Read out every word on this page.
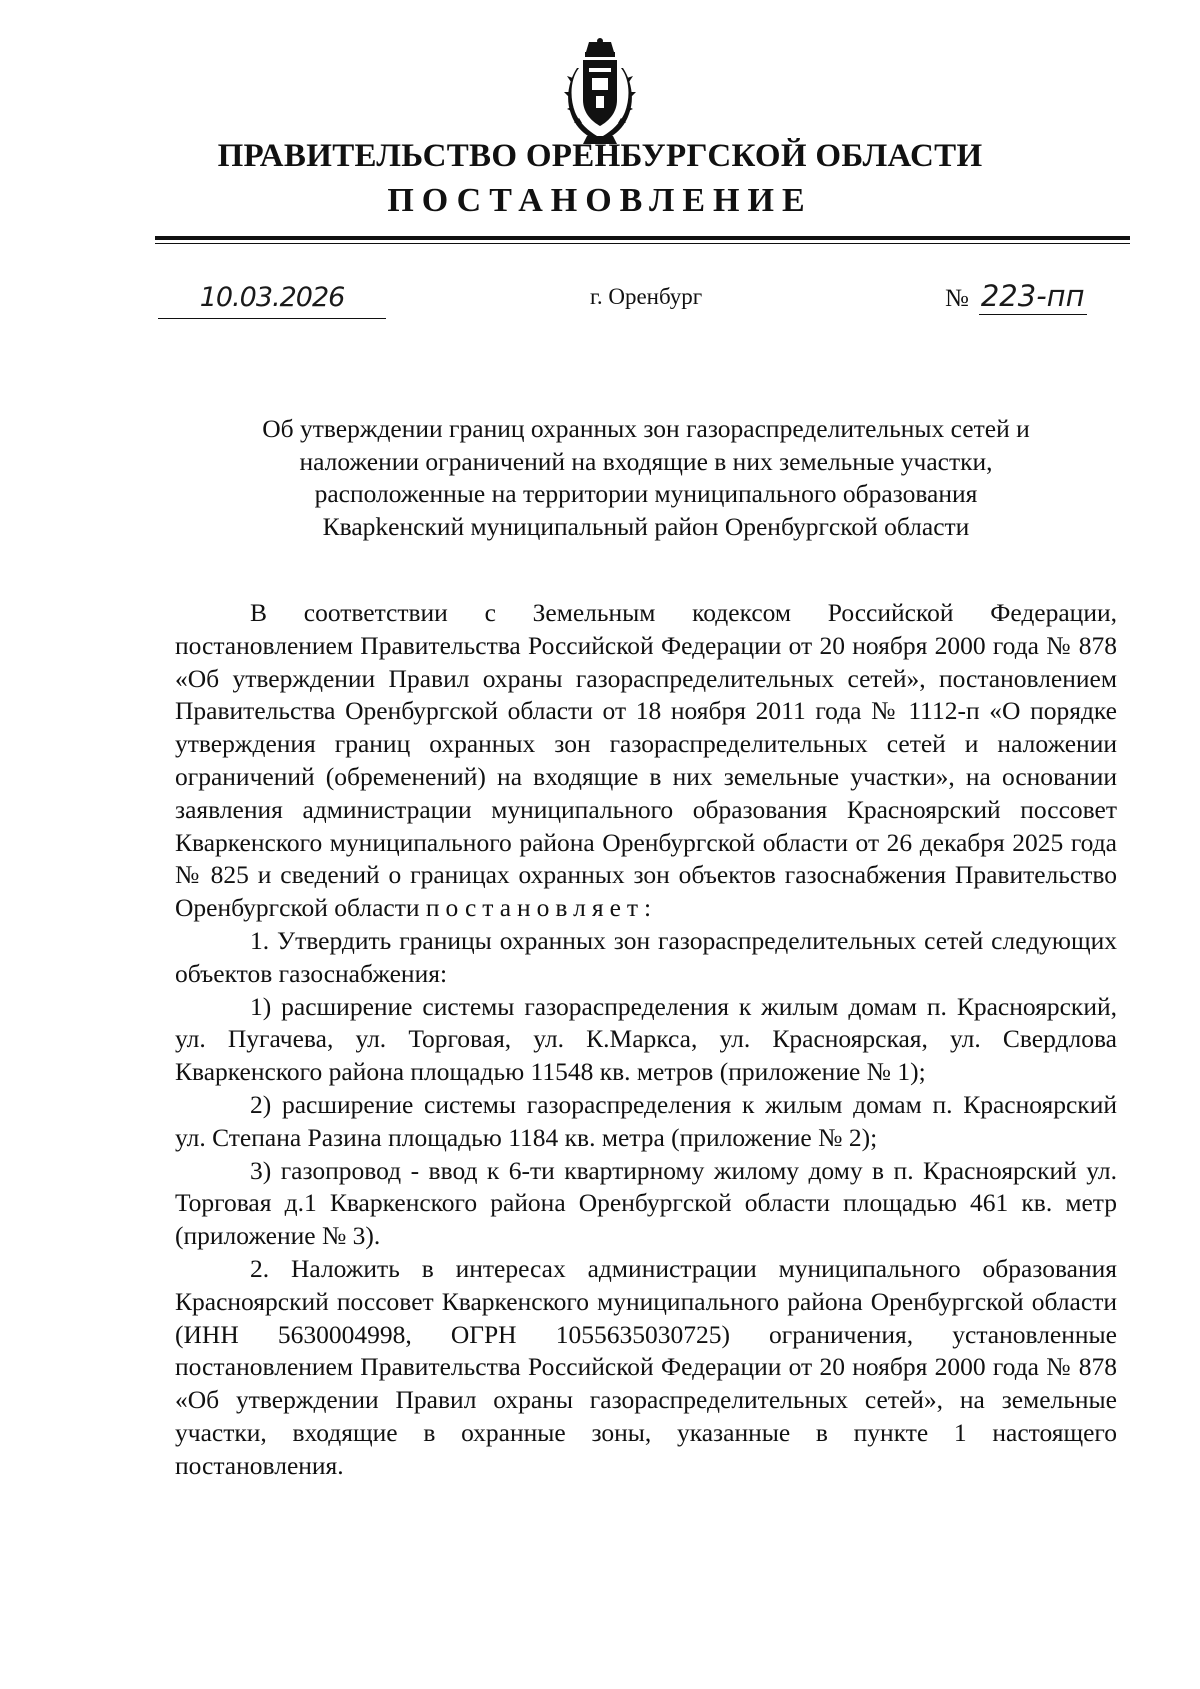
ПРАВИТЕЛЬСТВО ОРЕНБУРГСКОЙ ОБЛАСТИ
ПОСТАНОВЛЕНИЕ
10.03.2026	г. Оренбург	№ 223-пп
Об утверждении границ охранных зон газораспределительных сетей и
наложении ограничений на входящие в них земельные участки,
расположенные на территории муниципального образования
Кварkенский муниципальный район Оренбургской области

В соответствии с Земельным кодексом Российской Федерации, постановлением Правительства Российской Федерации от 20 ноября 2000 года № 878 «Об утверждении Правил охраны газораспределительных сетей», постановлением Правительства Оренбургской области от 18 ноября 2011 года № 1112-п «О порядке утверждения границ охранных зон газораспределительных сетей и наложении ограничений (обременений) на входящие в них земельные участки», на основании заявления администрации муниципального образования Красноярский поссовет Кваркенского муниципального района Оренбургской области от 26 декабря 2025 года № 825 и сведений о границах охранных зон объектов газоснабжения Правительство Оренбургской области постановляет:

1. Утвердить границы охранных зон газораспределительных сетей следующих объектов газоснабжения:

1) расширение системы газораспределения к жилым домам п. Красноярский, ул. Пугачева, ул. Торговая, ул. К.Маркса, ул. Красноярская, ул. Свердлова Кваркенского района площадью 11548 кв. метров (приложение № 1);

2) расширение системы газораспределения к жилым домам п. Красноярский ул. Степана Разина площадью 1184 кв. метра (приложение № 2);

3) газопровод - ввод к 6-ти квартирному жилому дому в п. Красноярский ул. Торговая д.1 Кваркенского района Оренбургской области площадью 461 кв. метр (приложение № 3).

2. Наложить в интересах администрации муниципального образования Красноярский поссовет Кваркенского муниципального района Оренбургской области (ИНН 5630004998, ОГРН 1055635030725) ограничения, установленные постановлением Правительства Российской Федерации от 20 ноября 2000 года № 878 «Об утверждении Правил охраны газораспределительных сетей», на земельные участки, входящие в охранные зоны, указанные в пункте 1 настоящего постановления.
